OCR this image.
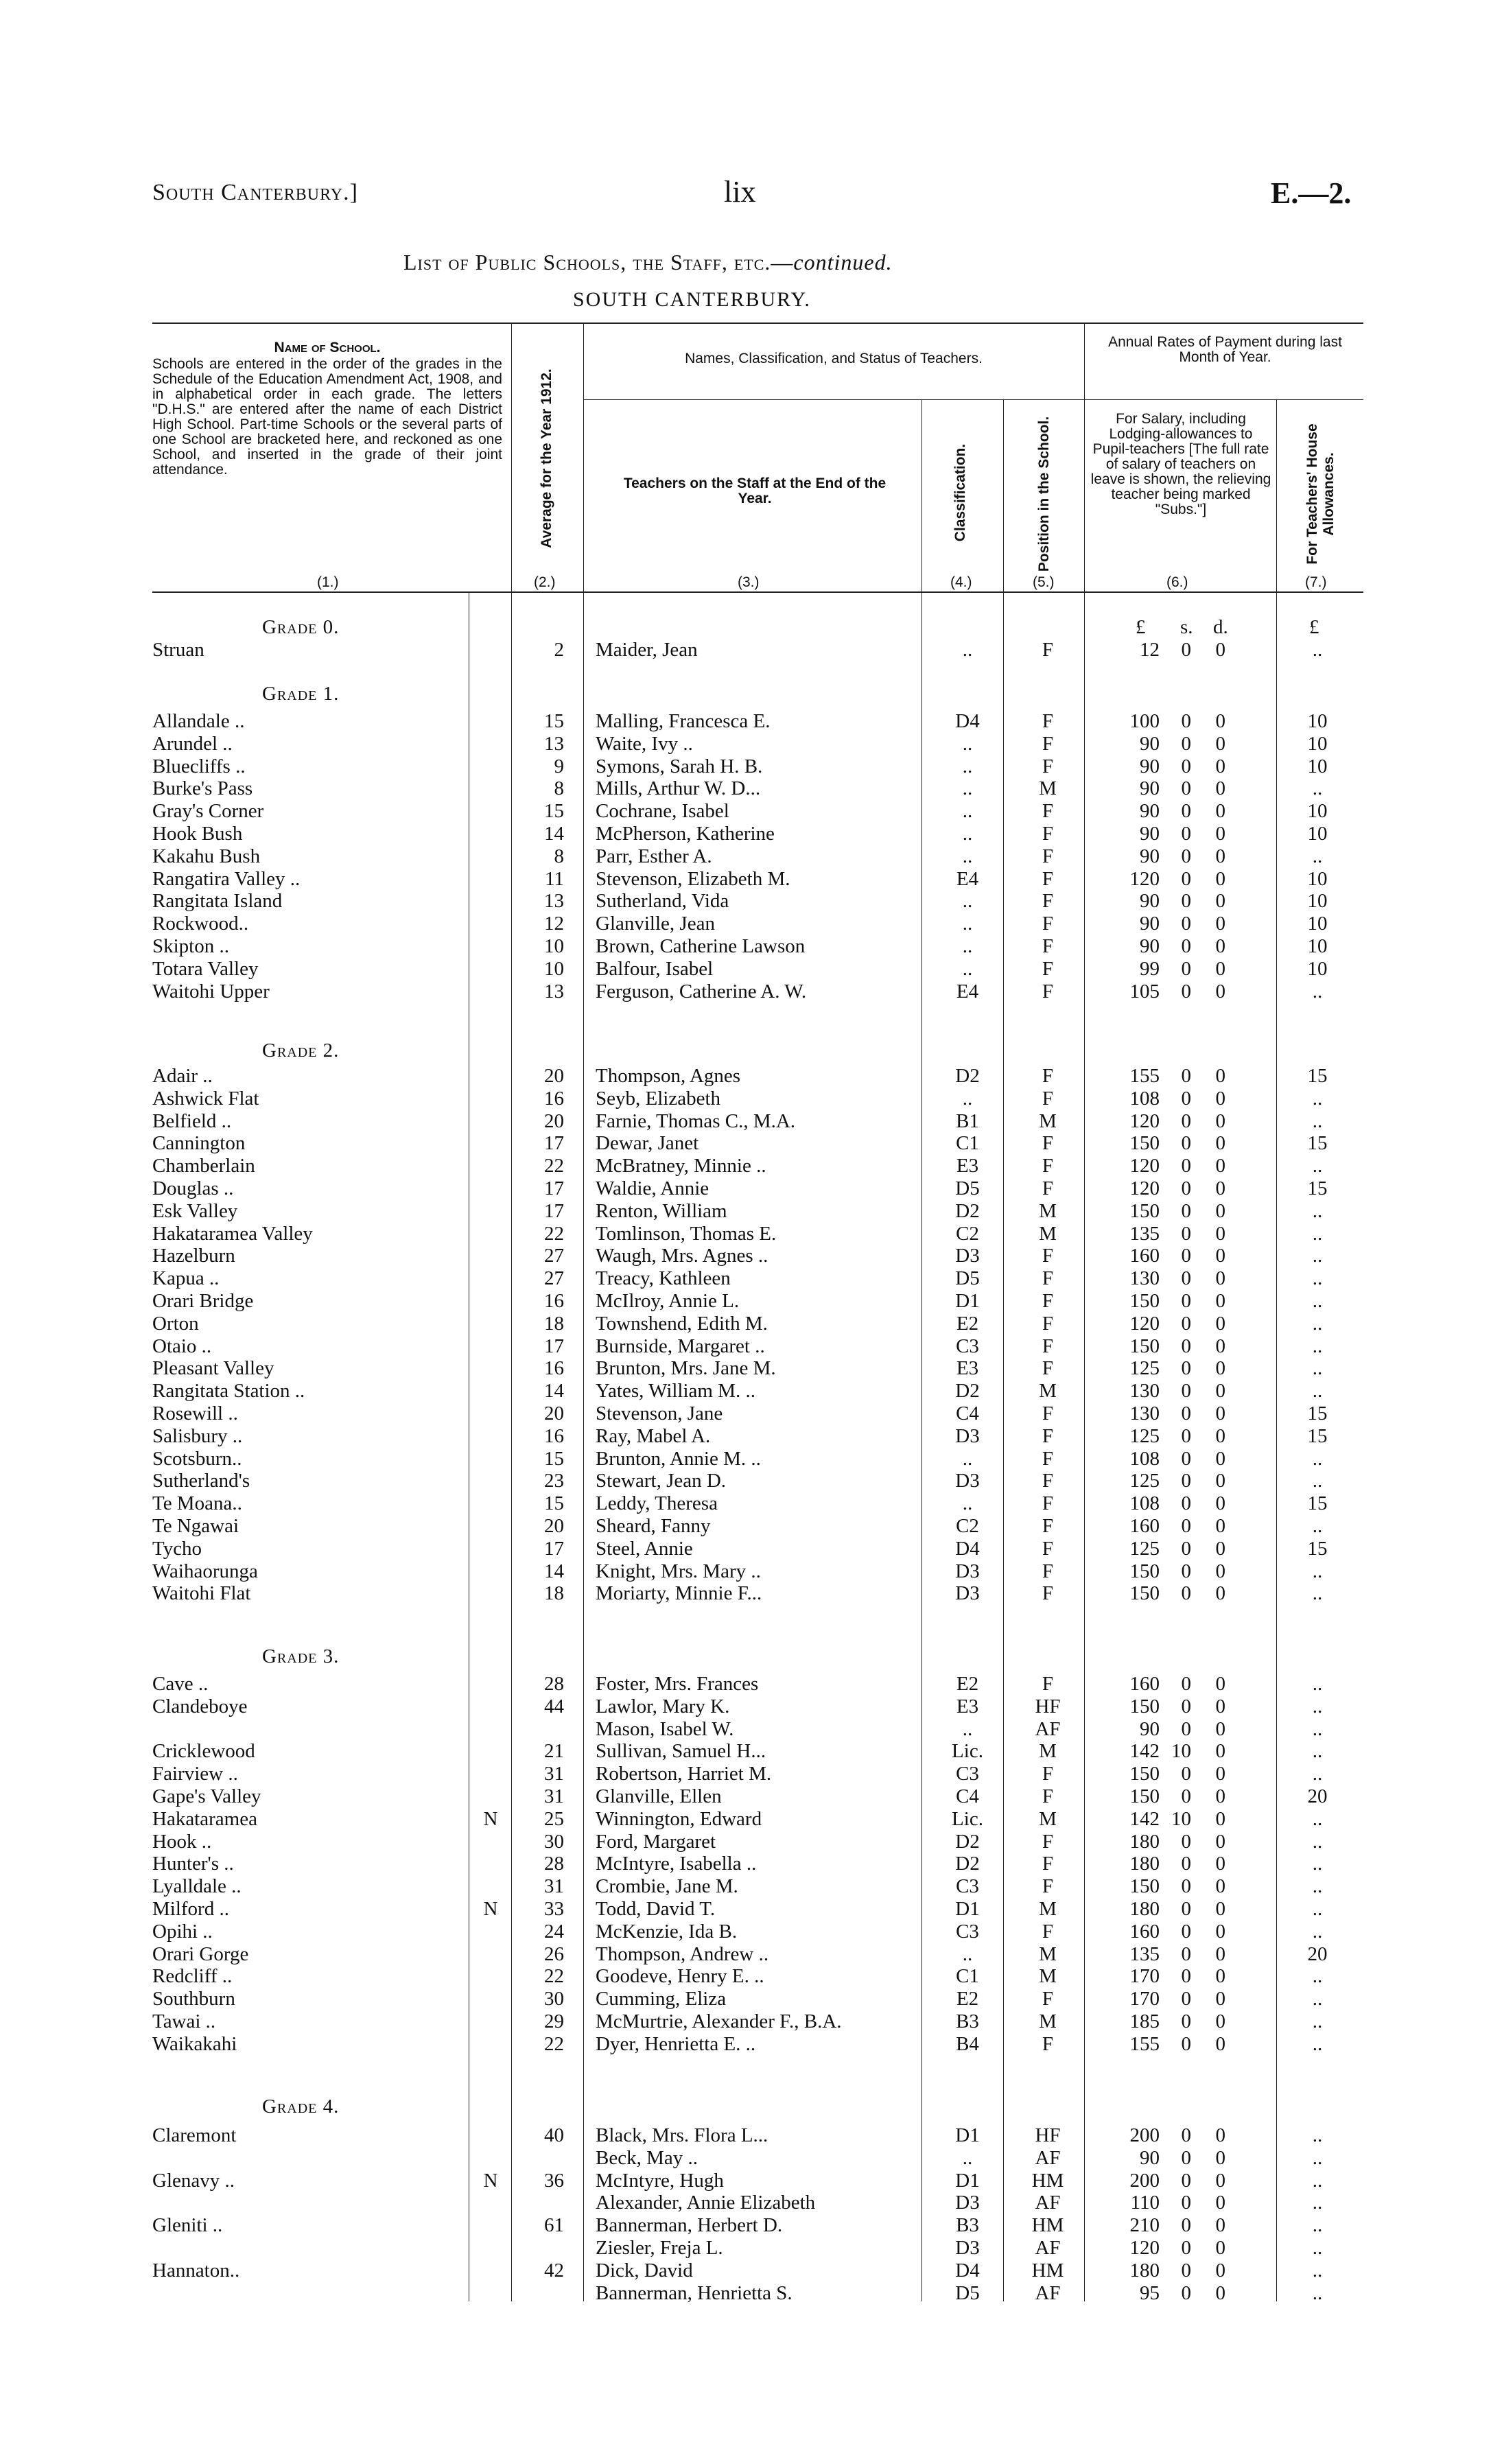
South Canterbury.]	lix	E.—2.
List of Public Schools, the Staff, etc.—continued.
SOUTH CANTERBURY.
Name of School.
Schools are entered in the order of the grades in the Schedule of the Education Amendment Act, 1908, and in alphabetical order in each grade. The letters "D.H.S." are entered after the name of each District High School. Part-time Schools or the several parts of one School are bracketed here, and reckoned as one School, and inserted in the grade of their joint attendance.	Average for the Year 1912.
Names, Classification, and Status of Teachers.
Teachers on the Staff at the End of the Year.	Classification.	Position in the School.
Annual Rates of Payment during last Month of Year.
For Salary, including Lodging-allowances to Pupil-teachers [The full rate of salary of teachers on leave is shown, the relieving teacher being marked "Subs."]	For Teachers' House Allowances.
(1.)	(2.)	(3.)	(4.)	(5.)	(6.)	(7.)
£ s. d.	£
Grade 0.
Struan	2 Maider, Jean	..	F	12	0	0	..
Grade 1.
Allandale ..	15 Malling, Francesca E.	D4	F	100	0	0	10
Arundel ..	13 Waite, Ivy ..	..	F	90	0	0	10
Bluecliffs ..	9 Symons, Sarah H. B.	..	F	90	0	0	10
Burke's Pass	8 Mills, Arthur W. D...	..	M	90	0	0	..
Gray's Corner	15 Cochrane, Isabel	..	F	90	0	0	10
Hook Bush	14 McPherson, Katherine	..	F	90	0	0	10
Kakahu Bush	8 Parr, Esther A.	..	F	90	0	0	..
Rangatira Valley ..	11 Stevenson, Elizabeth M.	E4	F	120	0	0	10
Rangitata Island	13 Sutherland, Vida	..	F	90	0	0	10
Rockwood..	12 Glanville, Jean	..	F	90	0	0	10
Skipton ..	10 Brown, Catherine Lawson	..	F	90	0	0	10
Totara Valley	10 Balfour, Isabel	..	F	99	0	0	10
Waitohi Upper	13 Ferguson, Catherine A. W.	E4	F	105	0	0	..
Grade 2.
Adair ..	20 Thompson, Agnes	D2	F	155	0	0	15
Ashwick Flat	16 Seyb, Elizabeth	..	F	108	0	0	..
Belfield ..	20 Farnie, Thomas C., M.A.	B1	M	120	0	0	..
Cannington	17 Dewar, Janet	C1	F	150	0	0	15
Chamberlain	22 McBratney, Minnie ..	E3	F	120	0	0	..
Douglas ..	17 Waldie, Annie	D5	F	120	0	0	15
Esk Valley	17 Renton, William	D2	M	150	0	0	..
Hakataramea Valley	22 Tomlinson, Thomas E.	C2	M	135	0	0	..
Hazelburn	27 Waugh, Mrs. Agnes ..	D3	F	160	0	0	..
Kapua ..	27 Treacy, Kathleen	D5	F	130	0	0	..
Orari Bridge	16 McIlroy, Annie L.	D1	F	150	0	0	..
Orton	18 Townshend, Edith M.	E2	F	120	0	0	..
Otaio ..	17 Burnside, Margaret ..	C3	F	150	0	0	..
Pleasant Valley	16 Brunton, Mrs. Jane M.	E3	F	125	0	0	..
Rangitata Station ..	14 Yates, William M. ..	D2	M	130	0	0	..
Rosewill ..	20 Stevenson, Jane	C4	F	130	0	0	15
Salisbury ..	16 Ray, Mabel A.	D3	F	125	0	0	15
Scotsburn..	15 Brunton, Annie M. ..	..	F	108	0	0	..
Sutherland's	23 Stewart, Jean D.	D3	F	125	0	0	..
Te Moana..	15 Leddy, Theresa	..	F	108	0	0	15
Te Ngawai	20 Sheard, Fanny	C2	F	160	0	0	..
Tycho	17 Steel, Annie	D4	F	125	0	0	15
Waihaorunga	14 Knight, Mrs. Mary ..	D3	F	150	0	0	..
Waitohi Flat	18 Moriarty, Minnie F...	D3	F	150	0	0	..
Grade 3.
Cave ..	28 Foster, Mrs. Frances	E2	F	160	0	0	..
Clandeboye	44 Lawlor, Mary K.	E3	HF	150	0	0	..
Mason, Isabel W.	..	AF	90	0	0	..
Cricklewood	21 Sullivan, Samuel H...	Lic.	M	142 10	0	..
Fairview ..	31 Robertson, Harriet M.	C3	F	150	0	0	..
Gape's Valley	31 Glanville, Ellen	C4	F	150	0	0	20
Hakataramea	N	25 Winnington, Edward	Lic.	M	142 10	0	..
Hook ..	30 Ford, Margaret	D2	F	180	0	0	..
Hunter's ..	28 McIntyre, Isabella ..	D2	F	180	0	0	..
Lyalldale ..	31 Crombie, Jane M.	C3	F	150	0	0	..
Milford ..	N	33 Todd, David T.	D1	M	180	0	0	..
Opihi ..	24 McKenzie, Ida B.	C3	F	160	0	0	..
Orari Gorge	26 Thompson, Andrew ..	..	M	135	0	0	20
Redcliff ..	22 Goodeve, Henry E. ..	C1	M	170	0	0	..
Southburn	30 Cumming, Eliza	E2	F	170	0	0	..
Tawai ..	29 McMurtrie, Alexander F., B.A.	B3	M	185	0	0	..
Waikakahi	22 Dyer, Henrietta E. ..	B4	F	155	0	0	..
Grade 4.
Claremont	40 Black, Mrs. Flora L...	D1	HF	200	0	0	..
Beck, May ..	..	AF	90	0	0	..
Glenavy ..	N	36 McIntyre, Hugh	D1	HM	200	0	0	..
Alexander, Annie Elizabeth	D3	AF	110	0	0	..
Gleniti ..	61 Bannerman, Herbert D.	B3	HM	210	0	0	..
Ziesler, Freja L.	D3	AF	120	0	0	..
Hannaton..	42 Dick, David	D4	HM	180	0	0	..
Bannerman, Henrietta S.	D5	AF	95	0	0	..
